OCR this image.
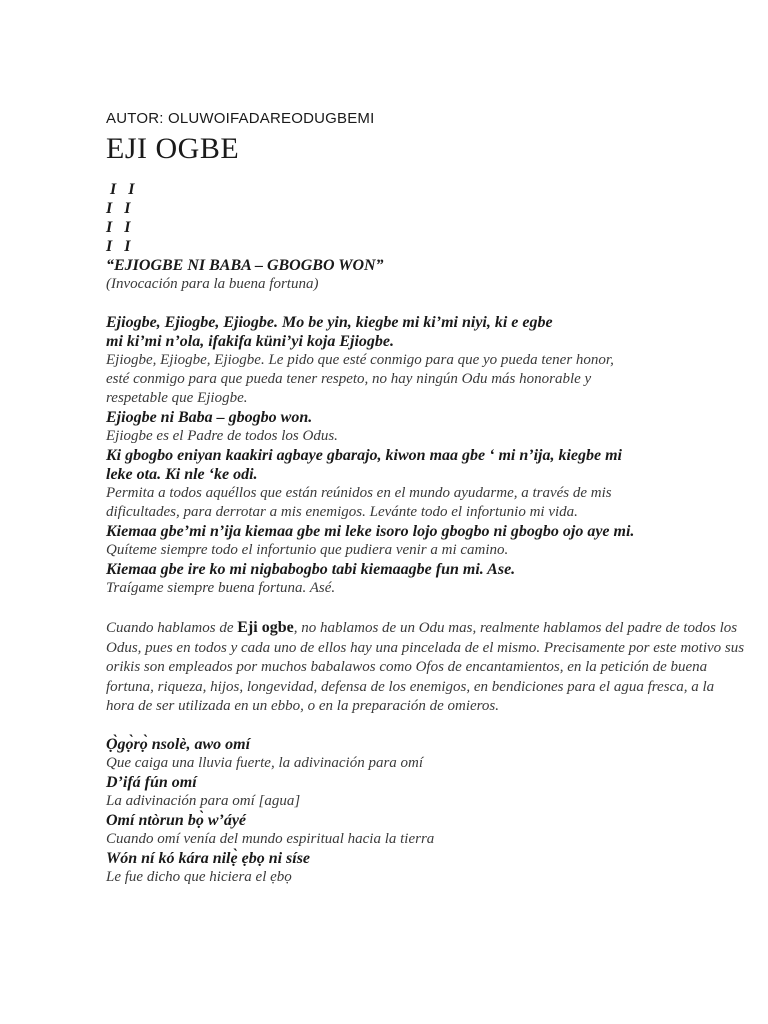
AUTOR: OLUWOIFADAREODUGBEMI
EJI OGBE
I   I
I   I
I   I
I   I
“EJIOGBE NI BABA – GBOGBO WON”
(Invocación para la buena fortuna)
Ejiogbe, Ejiogbe, Ejiogbe. Mo be yin, kiegbe mi ki’mi niyi, ki e egbe
mi ki’mi n’ola, ifakifa küni’yi koja Ejiogbe.
Ejiogbe, Ejiogbe, Ejiogbe. Le pido que esté conmigo para que yo pueda tener honor,
esté conmigo para que pueda tener respeto, no hay ningún Odu más honorable y
respetable que Ejiogbe.
Ejiogbe ni Baba – gbogbo won.
Ejiogbe es el Padre de todos los Odus.
Ki gbogbo eniyan kaakiri agbaye gbarajo, kiwon maa gbe ‘ mi n’ija, kiegbe mi
leke ota. Ki nle ‘ke odi.
Permita a todos aquéllos que están reúnidos en el mundo ayudarme, a través de mis
dificultades, para derrotar a mis enemigos. Levánte todo el infortunio mi vida.
Kiemaa gbe’mi n’ija kiemaa gbe mi leke isoro lojo gbogbo ni gbogbo ojo aye mi.
Quíteme siempre todo el infortunio que pudiera venir a mi camino.
Kiemaa gbe ire ko mi nigbabogbo tabi kiemaagbe fun mi. Ase.
Traígame siempre buena fortuna. Asé.
Cuando hablamos de Eji ogbe, no hablamos de un Odu mas, realmente hablamos del padre de todos los Odus, pues en todos y cada uno de ellos hay una pincelada de el mismo. Precisamente por este motivo sus orikis son empleados por muchos babalawos como Ofos de encantamientos, en la petición de buena fortuna, riqueza, hijos, longevidad, defensa de los enemigos, en bendiciones para el agua fresca, a la hora de ser utilizada en un ebbo, o en la preparación de omieros.
Ọ̀gọ̀rọ̀ nsolè, awo omí
Que caiga una lluvia fuerte, la adivinación para omí
D’ifá fún omí
La adivinación para omí [agua]
Omí ntòrun bọ̀ w’áyé
Cuando omí venía del mundo espiritual hacia la tierra
Wón ní kó kára nilẹ̀ ẹbọ ni síse
Le fue dicho que hiciera el ẹbọ
